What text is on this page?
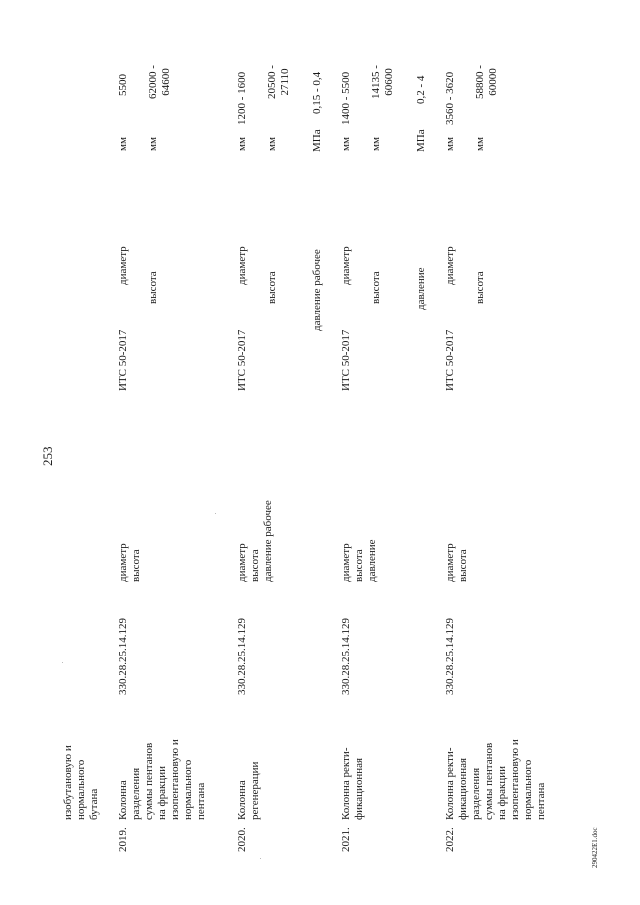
253
изобутановую и нормального бутана
2019.
Колонна разделения суммы пентанов на фракции изопентановую и нормального пентана
330.28.25.14.129
диаметр высота
ИТС 50-2017
диаметр
мм
5500
высота
мм
62000 - 64600
2020.
Колонна регенерации
330.28.25.14.129
диаметр высота давление рабочее
ИТС 50-2017
диаметр
мм
1200 - 1600
высота
мм
20500 - 27110
давление рабочее
МПа
0,15 - 0,4
2021.
Колонна ректи- фикационная
330.28.25.14.129
диаметр высота давление
ИТС 50-2017
диаметр
мм
1400 - 5500
высота
мм
14135 - 60600
давление
МПа
0,2 - 4
2022.
Колонна ректи- фикационная разделения суммы пентанов на фракции изопентановую и нормального пентана
330.28.25.14.129
диаметр высота
ИТС 50-2017
диаметр
мм
3560 - 3620
высота
мм
58800 - 60000
290422E1.doc
